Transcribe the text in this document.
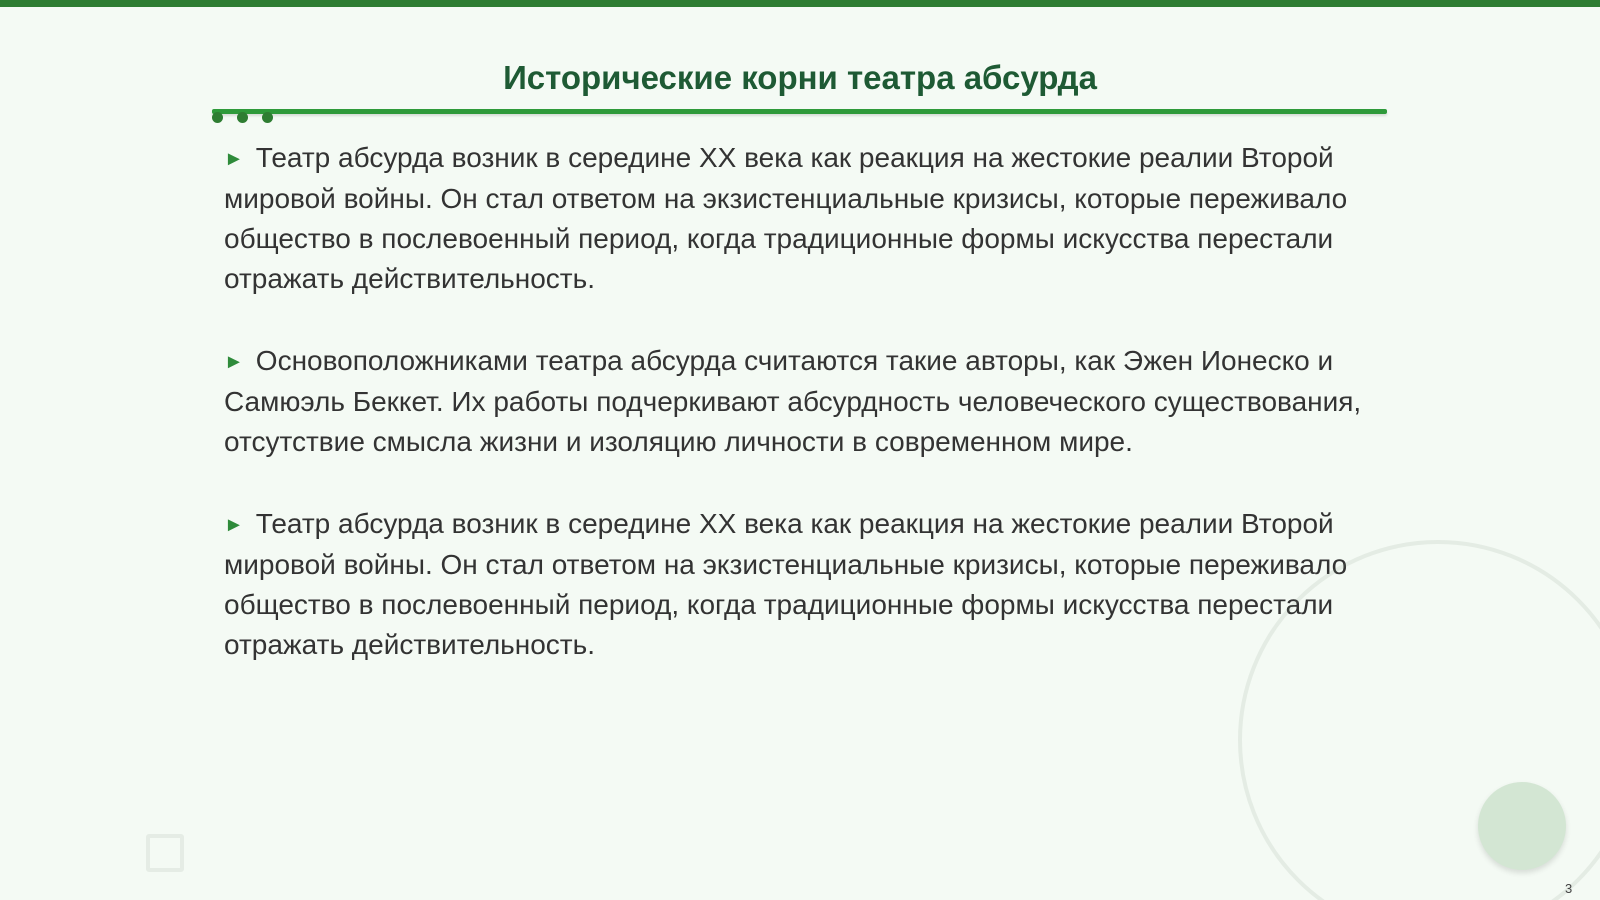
Исторические корни театра абсурда

► Театр абсурда возник в середине XX века как реакция на жестокие реалии Второй мировой войны. Он стал ответом на экзистенциальные кризисы, которые переживало общество в послевоенный период, когда традиционные формы искусства перестали отражать действительность.

► Основоположниками театра абсурда считаются такие авторы, как Эжен Ионеско и Самюэль Беккет. Их работы подчеркивают абсурдность человеческого существования, отсутствие смысла жизни и изоляцию личности в современном мире.

► Театр абсурда возник в середине XX века как реакция на жестокие реалии Второй мировой войны. Он стал ответом на экзистенциальные кризисы, которые переживало общество в послевоенный период, когда традиционные формы искусства перестали отражать действительность.

3
